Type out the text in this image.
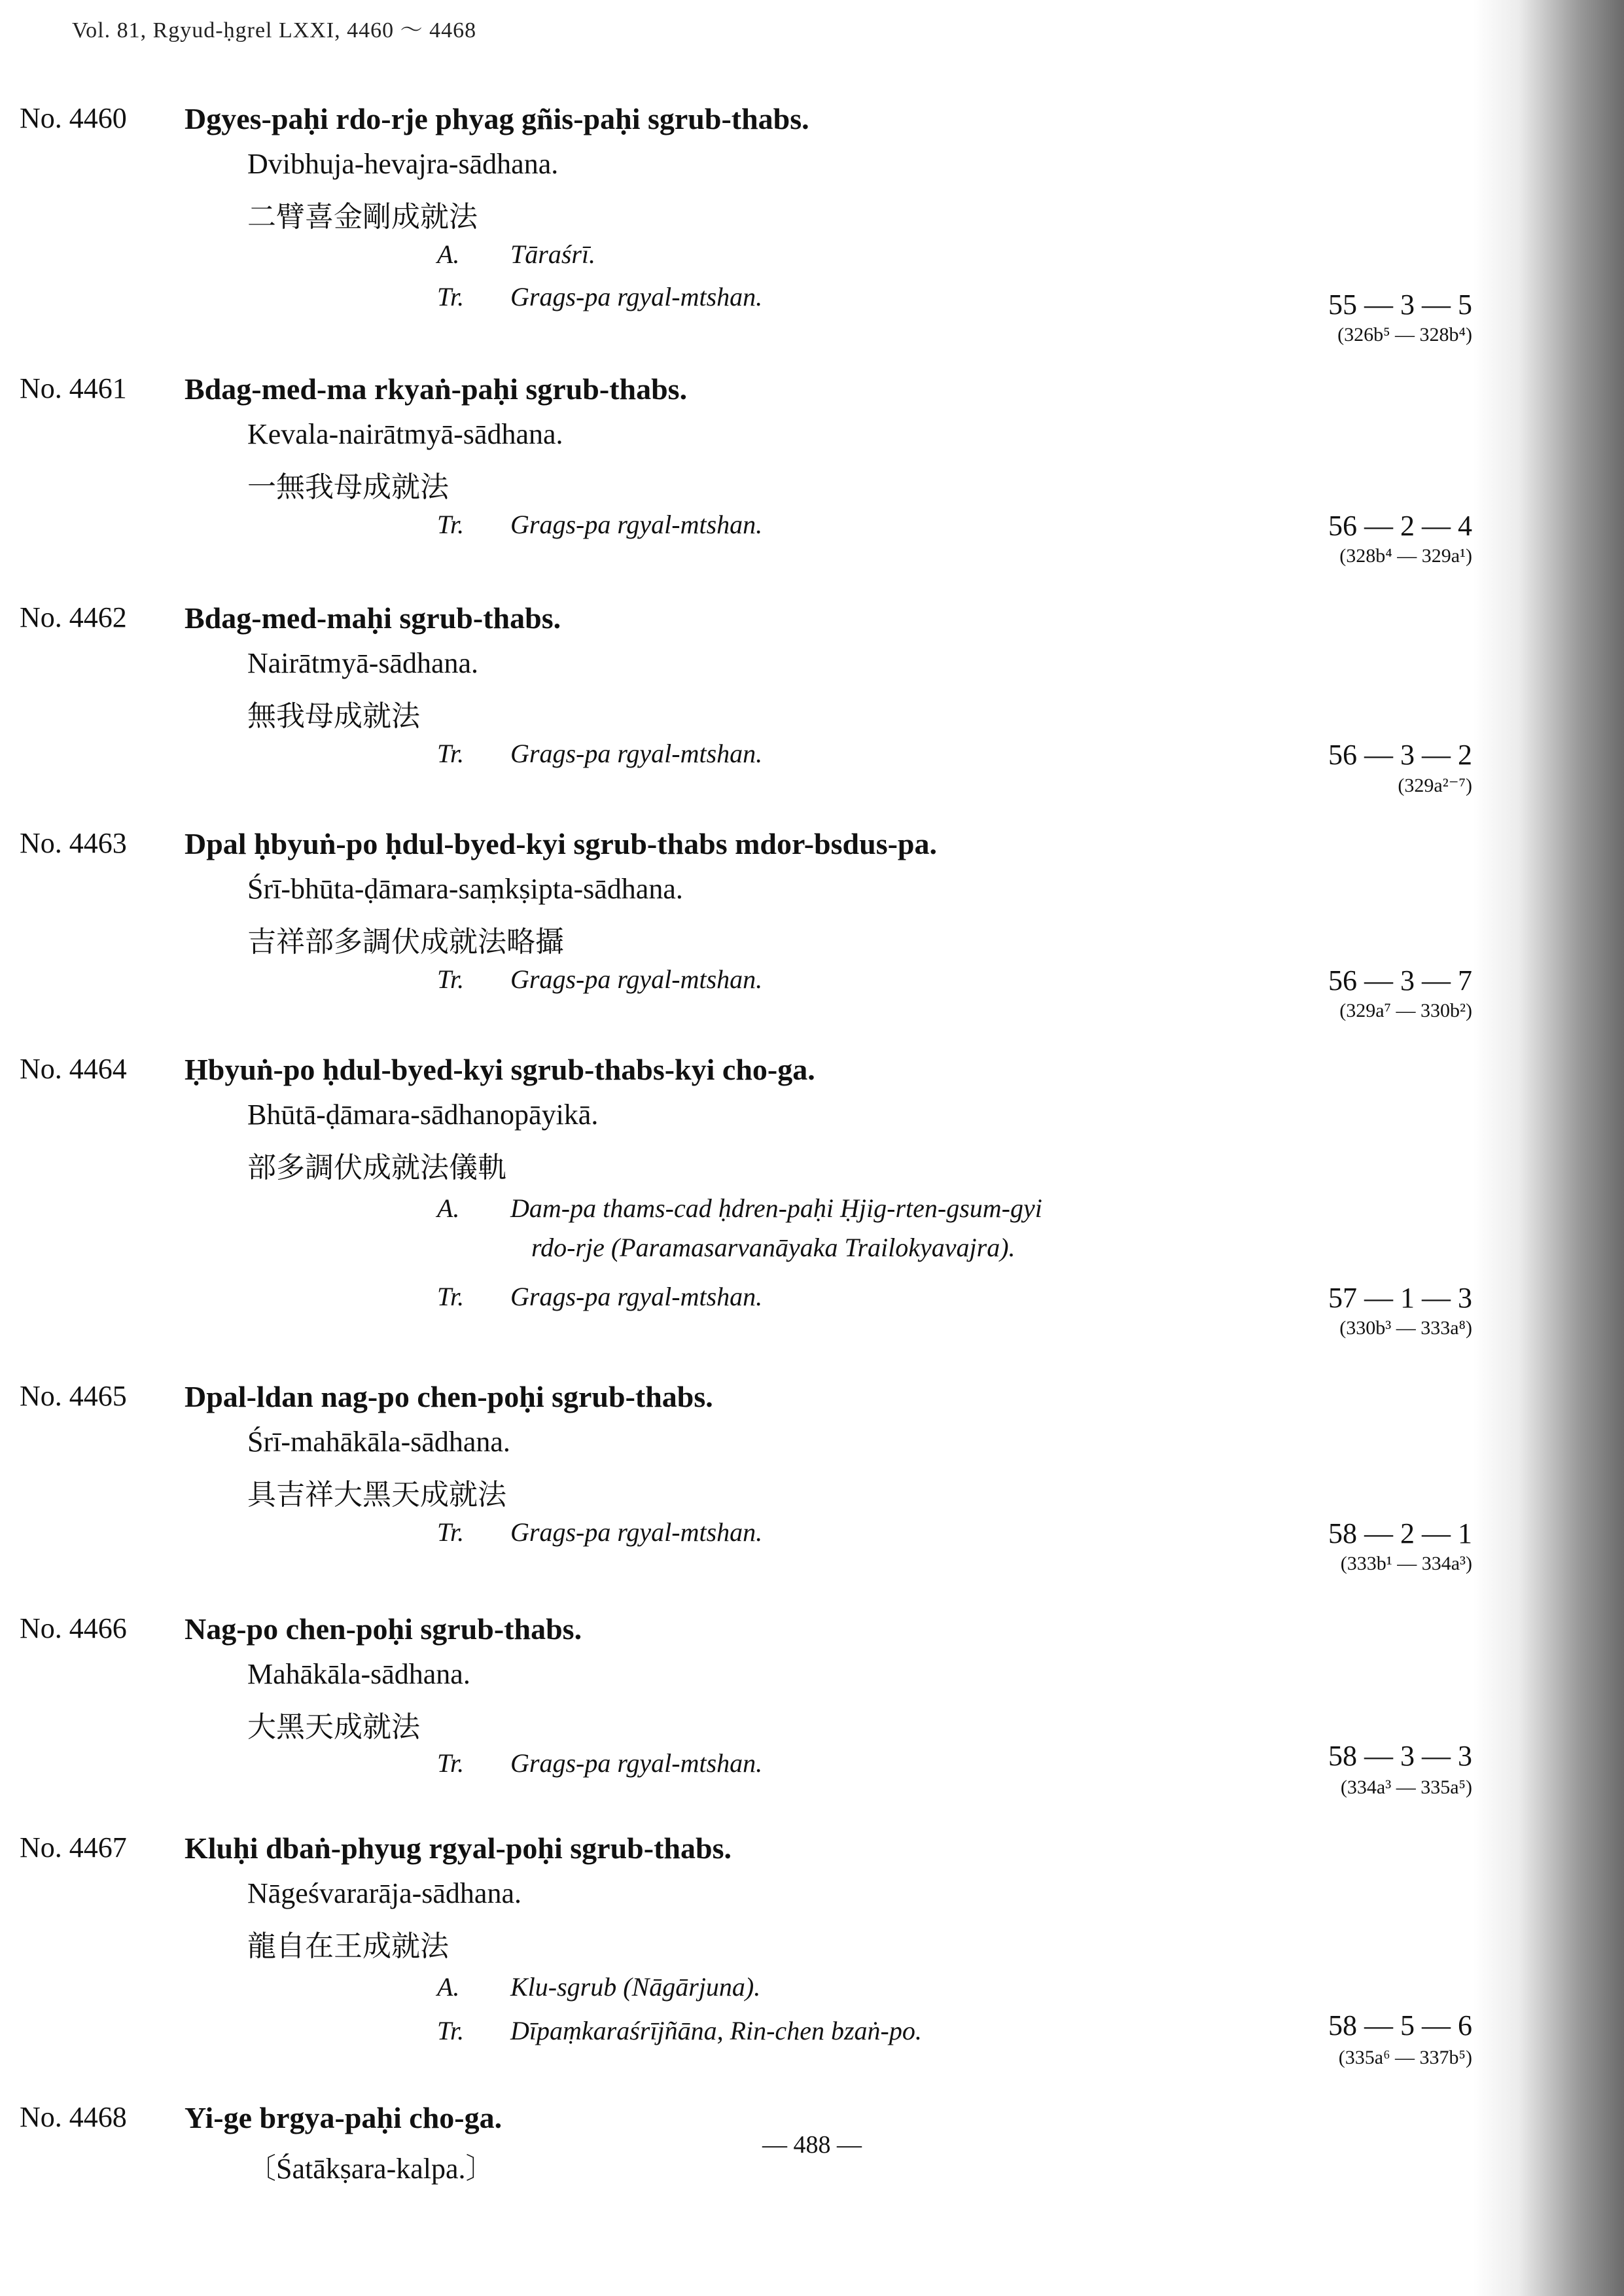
Vol. 81, Rgyud-ḥgrel LXXI, 4460 ～ 4468
No. 4460 Dgyes-paḥi rdo-rje phyag gñis-paḥi sgrub-thabs.
Dvibhuja-hevajra-sādhana.
二臂喜金剛成就法
A. Tāraśrī.
Tr. Grags-pa rgyal-mtshan.	55 — 3 — 5
(326b⁵ — 328b⁴)
No. 4461 Bdag-med-ma rkyaṅ-paḥi sgrub-thabs.
Kevala-nairātmyā-sādhana.
一無我母成就法
Tr. Grags-pa rgyal-mtshan.	56 — 2 — 4
(328b⁴ — 329a¹)
No. 4462 Bdag-med-maḥi sgrub-thabs.
Nairātmyā-sādhana.
無我母成就法
Tr. Grags-pa rgyal-mtshan.	56 — 3 — 2
(329a²⁻⁷)
No. 4463 Dpal ḥbyuṅ-po ḥdul-byed-kyi sgrub-thabs mdor-bsdus-pa.
Śrī-bhūta-ḍāmara-saṃkṣipta-sādhana.
吉祥部多調伏成就法略攝
Tr. Grags-pa rgyal-mtshan.	56 — 3 — 7
(329a⁷ — 330b²)
No. 4464 Ḥbyuṅ-po ḥdul-byed-kyi sgrub-thabs-kyi cho-ga.
Bhūtā-ḍāmara-sādhanopāyikā.
部多調伏成就法儀軌
A. Dam-pa thams-cad ḥdren-paḥi Ḥjig-rten-gsum-gyi
rdo-rje (Paramasarvanāyaka Trailokyavajra).
Tr. Grags-pa rgyal-mtshan.	57 — 1 — 3
(330b³ — 333a⁸)
No. 4465 Dpal-ldan nag-po chen-poḥi sgrub-thabs.
Śrī-mahākāla-sādhana.
具吉祥大黑天成就法
Tr. Grags-pa rgyal-mtshan.	58 — 2 — 1
(333b¹ — 334a³)
No. 4466 Nag-po chen-poḥi sgrub-thabs.
Mahākāla-sādhana.
大黑天成就法
Tr. Grags-pa rgyal-mtshan.	58 — 3 — 3
(334a³ — 335a⁵)
No. 4467 Kluḥi dbaṅ-phyug rgyal-poḥi sgrub-thabs.
Nāgeśvararāja-sādhana.
龍自在王成就法
A. Klu-sgrub (Nāgārjuna).
Tr. Dīpaṃkaraśrījñāna, Rin-chen bzaṅ-po.	58 — 5 — 6
(335a⁶ — 337b⁵)
No. 4468 Yi-ge brgya-paḥi cho-ga.
〔Śatākṣara-kalpa.〕
— 488 —
